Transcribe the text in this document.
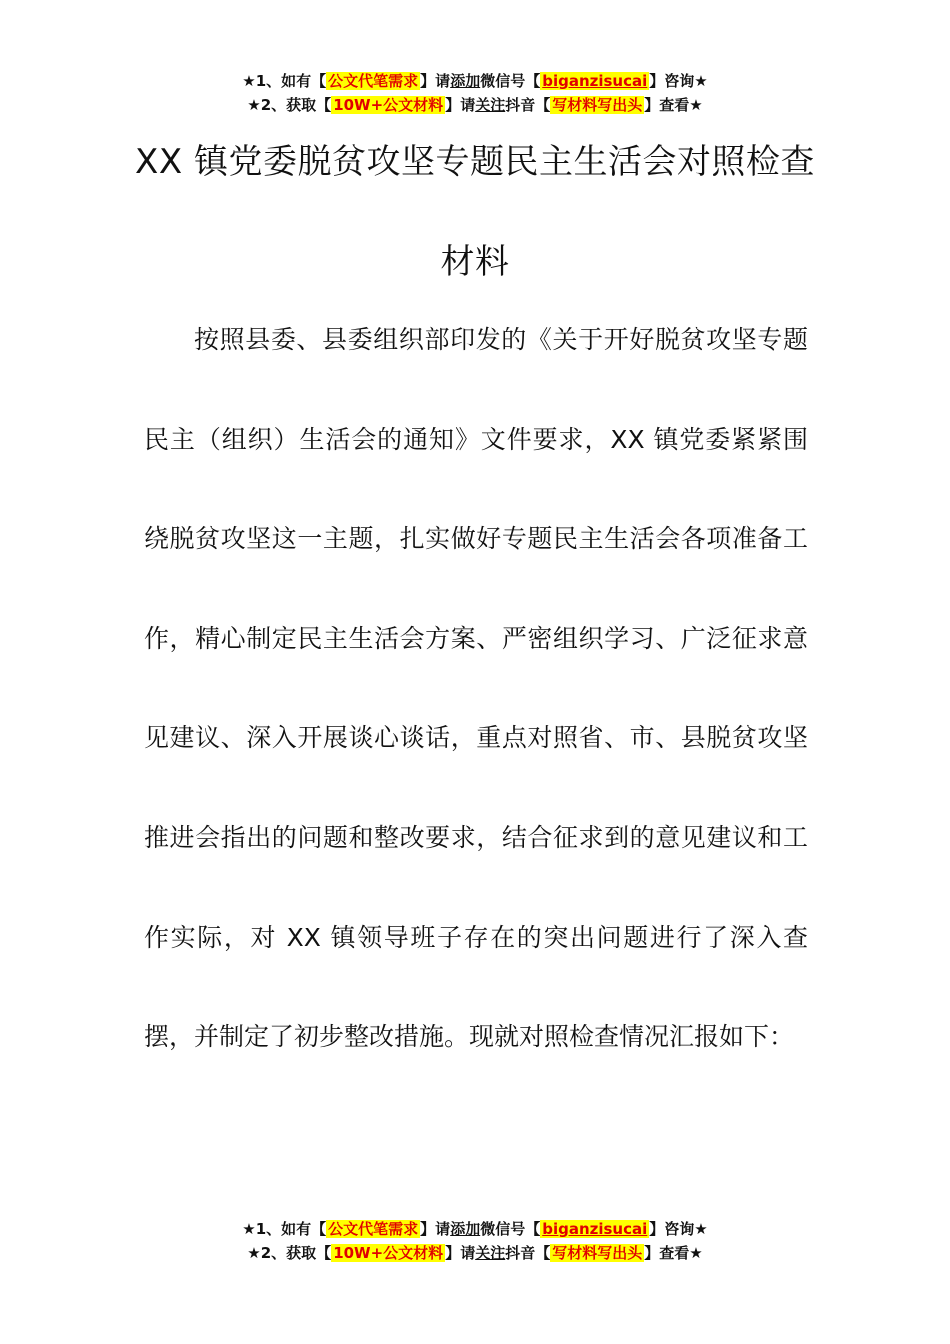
★1、如有【 公文代笔需求 】请添加微信号【 biganzisucai 】咨询★
★2、获取【 10W+公文材料 】请关注抖音【 写材料写出头 】查看★
XX 镇党委脱贫攻坚专题民主生活会对照检查材料

按照县委、县委组织部印发的《关于开好脱贫攻坚专题民主（组织）生活会的通知》文件要求，XX 镇党委紧紧围绕脱贫攻坚这一主题，扎实做好专题民主生活会各项准备工作，精心制定民主生活会方案、严密组织学习、广泛征求意见建议、深入开展谈心谈话，重点对照省、市、县脱贫攻坚推进会指出的问题和整改要求，结合征求到的意见建议和工作实际，对 XX 镇领导班子存在的突出问题进行了深入查摆，并制定了初步整改措施。现就对照检查情况汇报如下：

★1、如有【 公文代笔需求 】请添加微信号【 biganzisucai 】咨询★
★2、获取【 10W+公文材料 】请关注抖音【 写材料写出头 】查看★
